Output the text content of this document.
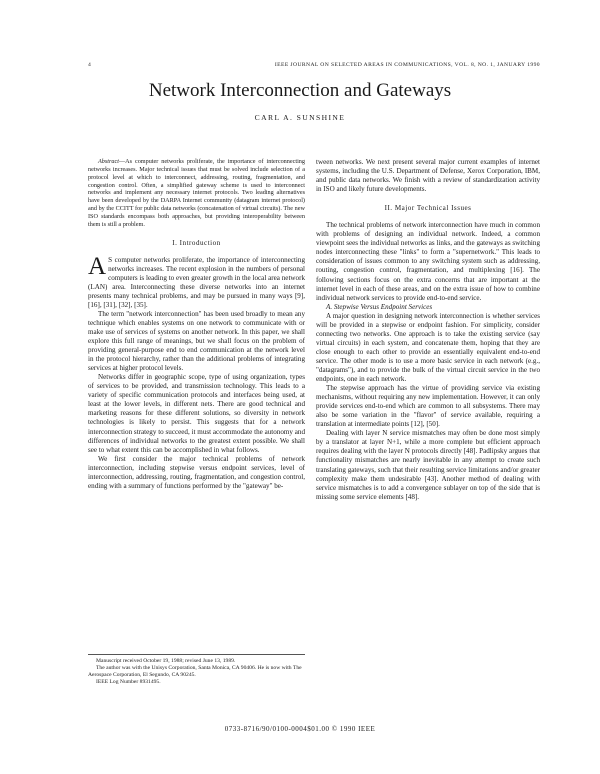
4	IEEE JOURNAL ON SELECTED AREAS IN COMMUNICATIONS, VOL. 8, NO. 1, JANUARY 1990
Network Interconnection and Gateways
CARL A. SUNSHINE

Abstract—As computer networks proliferate, the importance of interconnecting networks increases. Major technical issues that must be solved include selection of a protocol level at which to interconnect, addressing, routing, fragmentation, and congestion control. Often, a simplified gateway scheme is used to interconnect networks and implement any necessary internet protocols. Two leading alternatives have been developed by the DARPA Internet community (datagram internet protocol) and by the CCITT for public data networks (concatenation of virtual circuits). The new ISO standards encompass both approaches, but providing interoperability between them is still a problem.

I. Introduction

A S computer networks proliferate, the importance of interconnecting networks increases. The recent explosion in the numbers of personal computers is leading to even greater growth in the local area network (LAN) area. Interconnecting these diverse networks into an internet presents many technical problems, and may be pursued in many ways [9], [16], [31], [32], [35].

The term "network interconnection" has been used broadly to mean any technique which enables systems on one network to communicate with or make use of services of systems on another network. In this paper, we shall explore this full range of meanings, but we shall focus on the problem of providing general-purpose end to end communication at the network level in the protocol hierarchy, rather than the additional problems of integrating services at higher protocol levels.

Networks differ in geographic scope, type of using organization, types of services to be provided, and transmission technology. This leads to a variety of specific communication protocols and interfaces being used, at least at the lower levels, in different nets. There are good technical and marketing reasons for these different solutions, so diversity in network technologies is likely to persist. This suggests that for a network interconnection strategy to succeed, it must accommodate the autonomy and differences of individual networks to the greatest extent possible. We shall see to what extent this can be accomplished in what follows.

We first consider the major technical problems of network interconnection, including stepwise versus endpoint services, level of interconnection, addressing, routing, fragmentation, and congestion control, ending with a summary of functions performed by the "gateway" be-

Manuscript received October 19, 1988; revised June 13, 1989.

The author was with the Unisys Corporation, Santa Monica, CA 90406. He is now with The Aerospace Corporation, El Segundo, CA 90245.

IEEE Log Number 8931495.

tween networks. We next present several major current examples of internet systems, including the U.S. Department of Defense, Xerox Corporation, IBM, and public data networks. We finish with a review of standardization activity in ISO and likely future developments.

II. Major Technical Issues

The technical problems of network interconnection have much in common with problems of designing an individual network. Indeed, a common viewpoint sees the individual networks as links, and the gateways as switching nodes interconnecting these "links" to form a "supernetwork." This leads to consideration of issues common to any switching system such as addressing, routing, congestion control, fragmentation, and multiplexing [16]. The following sections focus on the extra concerns that are important at the internet level in each of these areas, and on the extra issue of how to combine individual network services to provide end-to-end service.

A. Stepwise Versus Endpoint Services

A major question in designing network interconnection is whether services will be provided in a stepwise or endpoint fashion. For simplicity, consider connecting two networks. One approach is to take the existing service (say virtual circuits) in each system, and concatenate them, hoping that they are close enough to each other to provide an essentially equivalent end-to-end service. The other mode is to use a more basic service in each network (e.g., "datagrams"), and to provide the bulk of the virtual circuit service in the two endpoints, one in each network.

The stepwise approach has the virtue of providing service via existing mechanisms, without requiring any new implementation. However, it can only provide services end-to-end which are common to all subsystems. There may also be some variation in the "flavor" of service available, requiring a translation at intermediate points [12], [50].

Dealing with layer N service mismatches may often be done most simply by a translator at layer N+1, while a more complete but efficient approach requires dealing with the layer N protocols directly [48]. Padlipsky argues that functionality mismatches are nearly inevitable in any attempt to create such translating gateways, such that their resulting service limitations and/or greater complexity make them undesirable [43]. Another method of dealing with service mismatches is to add a convergence sublayer on top of the side that is missing some service elements [48].

0733-8716/90/0100-0004$01.00 © 1990 IEEE
